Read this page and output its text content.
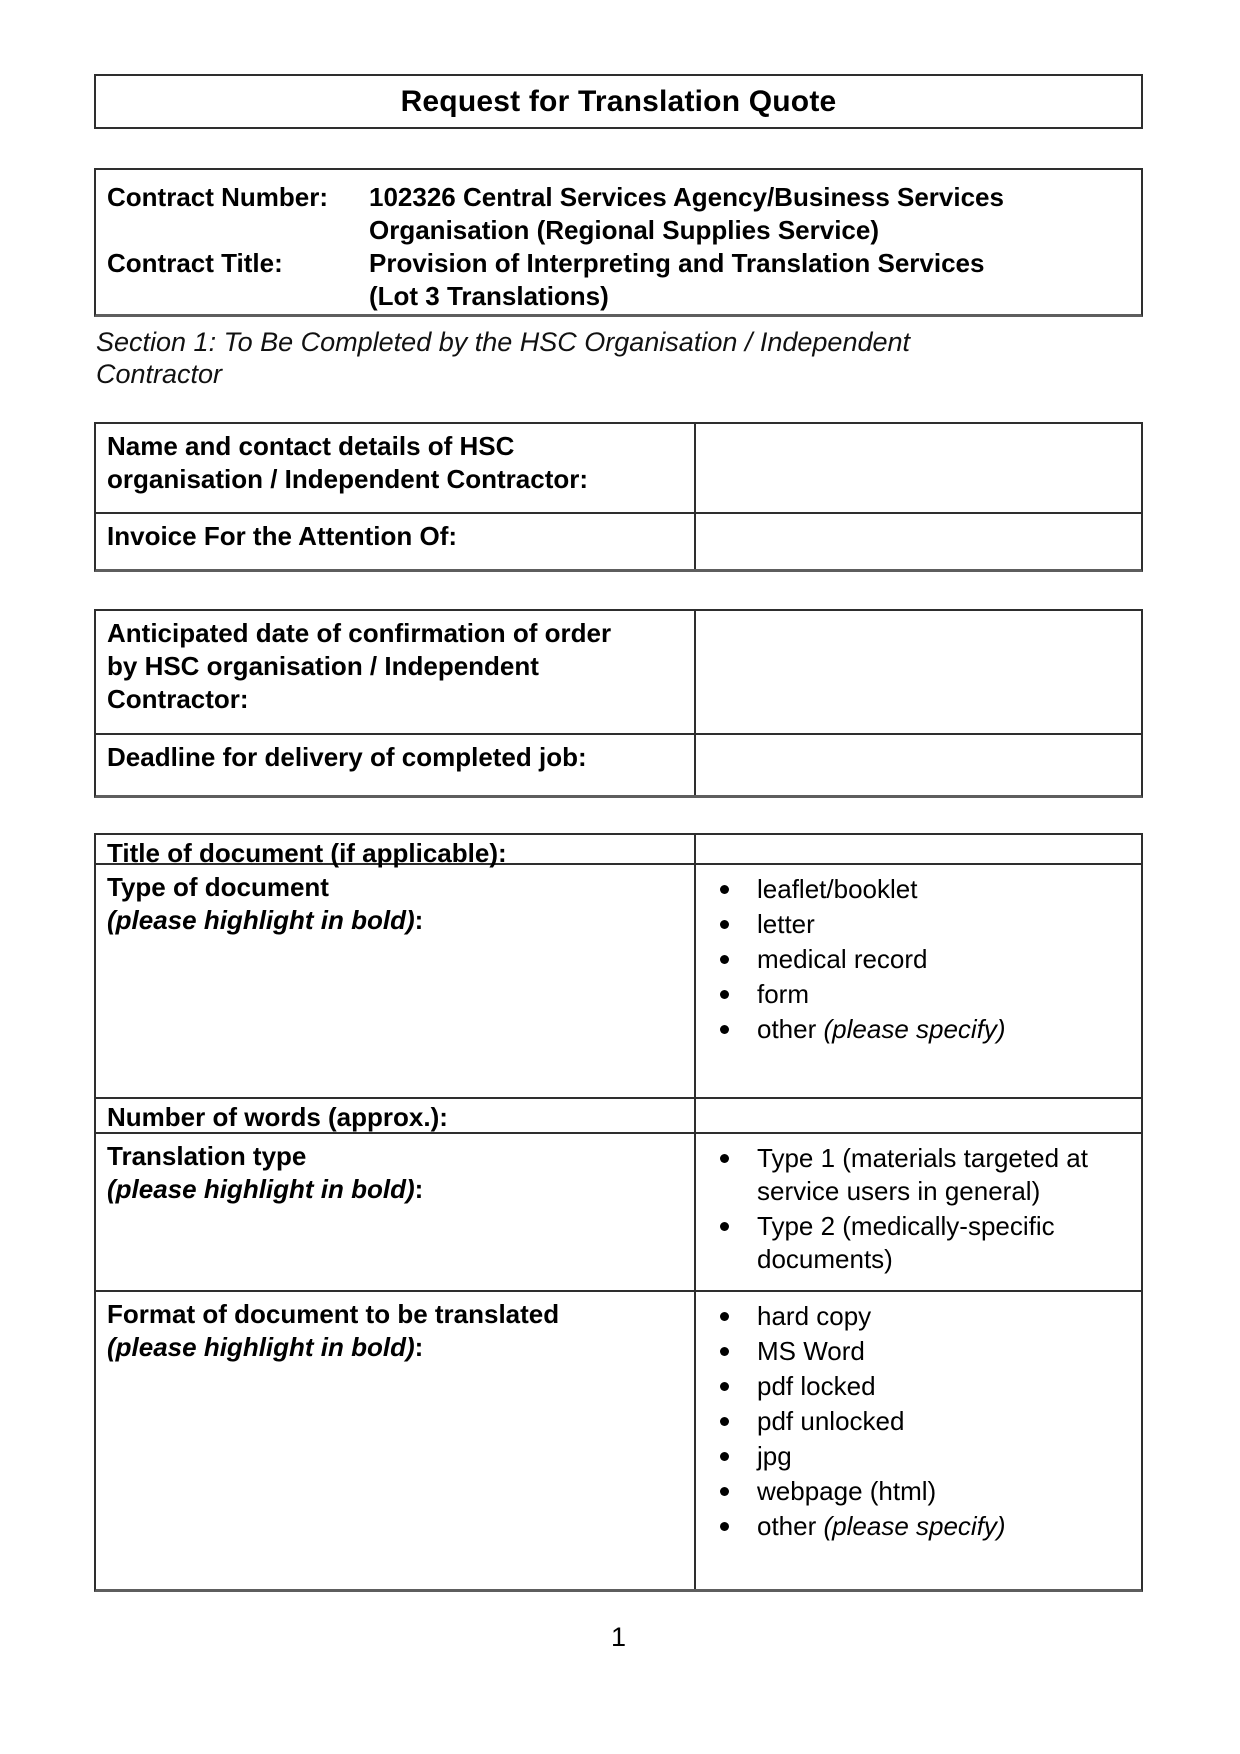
Request for Translation Quote
Contract Number:
Contract Title:
102326 Central Services Agency/Business Services
Organisation (Regional Supplies Service)
Provision of Interpreting and Translation Services
(Lot 3 Translations)
Section 1: To Be Completed by the HSC Organisation / Independent
Contractor
Name and contact details of HSC
organisation / Independent Contractor:
Invoice For the Attention Of:
Anticipated date of confirmation of order
by HSC organisation / Independent
Contractor:
Deadline for delivery of completed job:
Title of document (if applicable):
Type of document
(please highlight in bold):
leaflet/booklet
letter
medical record
form
other (please specify)
Number of words (approx.):
Translation type
(please highlight in bold):
Type 1 (materials targeted at service users in general)
Type 2 (medically-specific documents)
Format of document to be translated
(please highlight in bold):
hard copy
MS Word
pdf locked
pdf unlocked
jpg
webpage (html)
other (please specify)
1
